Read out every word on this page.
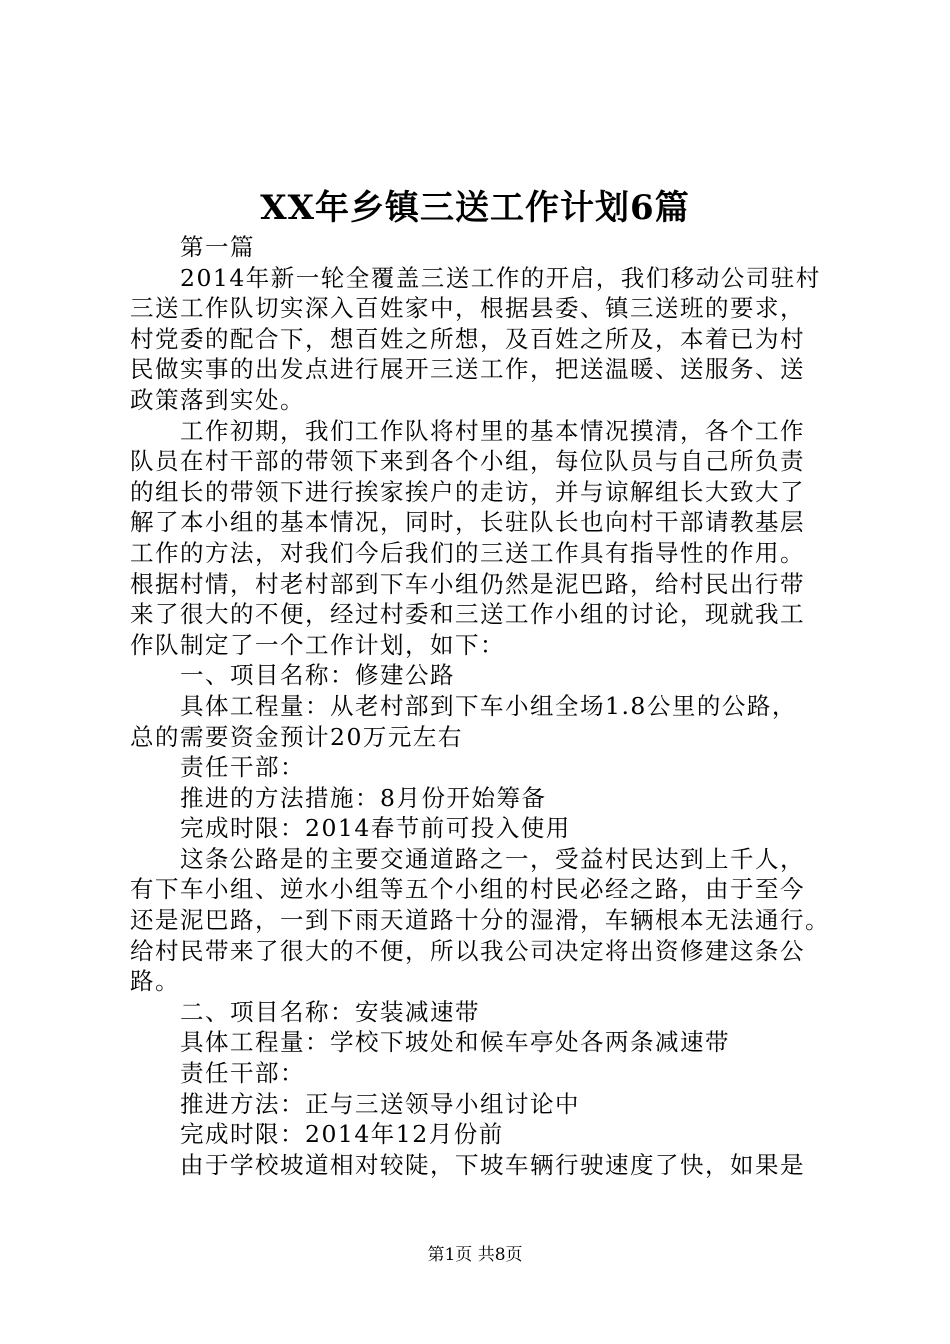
XX年乡镇三送工作计划6篇
第一篇
2014年新一轮全覆盖三送工作的开启，我们移动公司驻村
三送工作队切实深入百姓家中，根据县委、镇三送班的要求，
村党委的配合下，想百姓之所想，及百姓之所及，本着已为村
民做实事的出发点进行展开三送工作，把送温暖、送服务、送
政策落到实处。
工作初期，我们工作队将村里的基本情况摸清，各个工作
队员在村干部的带领下来到各个小组，每位队员与自己所负责
的组长的带领下进行挨家挨户的走访，并与谅解组长大致大了
解了本小组的基本情况，同时，长驻队长也向村干部请教基层
工作的方法，对我们今后我们的三送工作具有指导性的作用。
根据村情，村老村部到下车小组仍然是泥巴路，给村民出行带
来了很大的不便，经过村委和三送工作小组的讨论，现就我工
作队制定了一个工作计划，如下：
一、项目名称：修建公路
具体工程量：从老村部到下车小组全场1.8公里的公路，
总的需要资金预计20万元左右
责任干部：
推进的方法措施：8月份开始筹备
完成时限：2014春节前可投入使用
这条公路是的主要交通道路之一，受益村民达到上千人，
有下车小组、逆水小组等五个小组的村民必经之路，由于至今
还是泥巴路，一到下雨天道路十分的湿滑，车辆根本无法通行。
给村民带来了很大的不便，所以我公司决定将出资修建这条公
路。
二、项目名称：安装减速带
具体工程量：学校下坡处和候车亭处各两条减速带
责任干部：
推进方法：正与三送领导小组讨论中
完成时限：2014年12月份前
由于学校坡道相对较陡，下坡车辆行驶速度了快，如果是
第1页 共8页
